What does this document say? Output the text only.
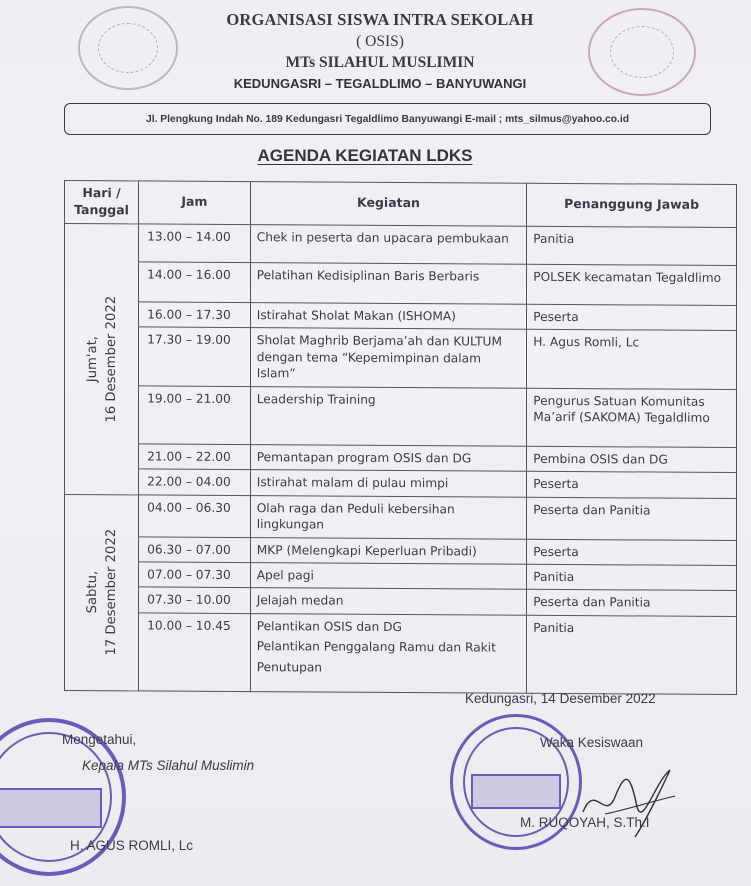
ORGANISASI SISWA INTRA SEKOLAH
( OSIS)
MTs SILAHUL MUSLIMIN
KEDUNGASRI – TEGALDLIMO – BANYUWANGI
Jl. Plengkung Indah No. 189 Kedungasri Tegaldlimo Banyuwangi E-mail ; mts_silmus@yahoo.co.id
AGENDA KEGIATAN LDKS
Hari / Tanggal	Jam	Kegiatan	Penanggung Jawab

Jum'at, 16 Desember 2022	13.00 – 14.00	Chek in peserta dan upacara pembukaan	Panitia
	14.00 – 16.00	Pelatihan Kedisiplinan Baris Berbaris	POLSEK kecamatan Tegaldlimo
	16.00 – 17.30	Istirahat Sholat Makan (ISHOMA)	Peserta
	17.30 – 19.00	Sholat Maghrib Berjama’ah dan KULTUM dengan tema “Kepemimpinan dalam Islam”	H. Agus Romli, Lc
	19.00 – 21.00	Leadership Training	Pengurus Satuan Komunitas Ma’arif (SAKOMA) Tegaldlimo
	21.00 – 22.00	Pemantapan program OSIS dan DG	Pembina OSIS dan DG
	22.00 – 04.00	Istirahat malam di pulau mimpi	Peserta

Sabtu, 17 Desember 2022	04.00 – 06.30	Olah raga dan Peduli kebersihan lingkungan	Peserta dan Panitia
	06.30 – 07.00	MKP (Melengkapi Keperluan Pribadi)	Peserta
	07.00 – 07.30	Apel pagi	Panitia
	07.30 – 10.00	Jelajah medan	Peserta dan Panitia
	10.00 – 10.45	Pelantikan OSIS dan DG
Pelantikan Penggalang Ramu dan Rakit
Penutupan	Panitia
Kedungasri, 14 Desember 2022
Mengetahui,
Kepala MTs Silahul Muslimin
H. AGUS ROMLI, Lc
Waka Kesiswaan
M. RUQOYAH, S.Th.I
